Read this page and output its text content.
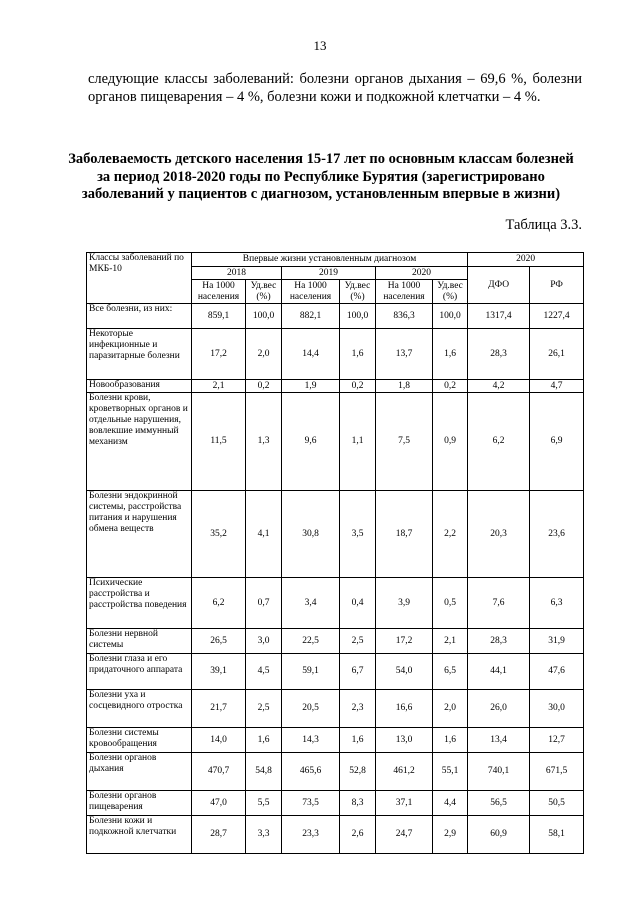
13

следующие классы заболеваний: болезни органов дыхания – 69,6 %, болезни органов пищеварения – 4 %, болезни кожи и подкожной клетчатки – 4 %.

Заболеваемость детского населения 15-17 лет по основным классам болезней за период 2018-2020 годы по Республике Бурятия (зарегистрировано заболеваний у пациентов с диагнозом, установленным впервые в жизни)

Таблица 3.3.
Классы заболеваний по МКБ-10	Впервые жизни установленным диагнозом						2020	
	2018		2019		2020		ДФО	РФ
	На 1000 населения	Уд.вес (%)	На 1000 населения	Уд.вес (%)	На 1000 населения	Уд.вес (%)		
Все болезни, из них:	859,1	100,0	882,1	100,0	836,3	100,0	1317,4	1227,4
Некоторые инфекционные и паразитарные болезни	17,2	2,0	14,4	1,6	13,7	1,6	28,3	26,1
Новообразования	2,1	0,2	1,9	0,2	1,8	0,2	4,2	4,7
Болезни крови, кроветворных органов и отдельные нарушения, вовлекшие иммунный механизм	11,5	1,3	9,6	1,1	7,5	0,9	6,2	6,9
Болезни эндокринной системы, расстройства питания и нарушения обмена веществ	35,2	4,1	30,8	3,5	18,7	2,2	20,3	23,6
Психические расстройства и расстройства поведения	6,2	0,7	3,4	0,4	3,9	0,5	7,6	6,3
Болезни нервной системы	26,5	3,0	22,5	2,5	17,2	2,1	28,3	31,9
Болезни глаза и его придаточного аппарата	39,1	4,5	59,1	6,7	54,0	6,5	44,1	47,6
Болезни уха и сосцевидного отростка	21,7	2,5	20,5	2,3	16,6	2,0	26,0	30,0
Болезни системы кровообращения	14,0	1,6	14,3	1,6	13,0	1,6	13,4	12,7
Болезни органов дыхания	470,7	54,8	465,6	52,8	461,2	55,1	740,1	671,5
Болезни органов пищеварения	47,0	5,5	73,5	8,3	37,1	4,4	56,5	50,5
Болезни кожи и подкожной клетчатки	28,7	3,3	23,3	2,6	24,7	2,9	60,9	58,1
